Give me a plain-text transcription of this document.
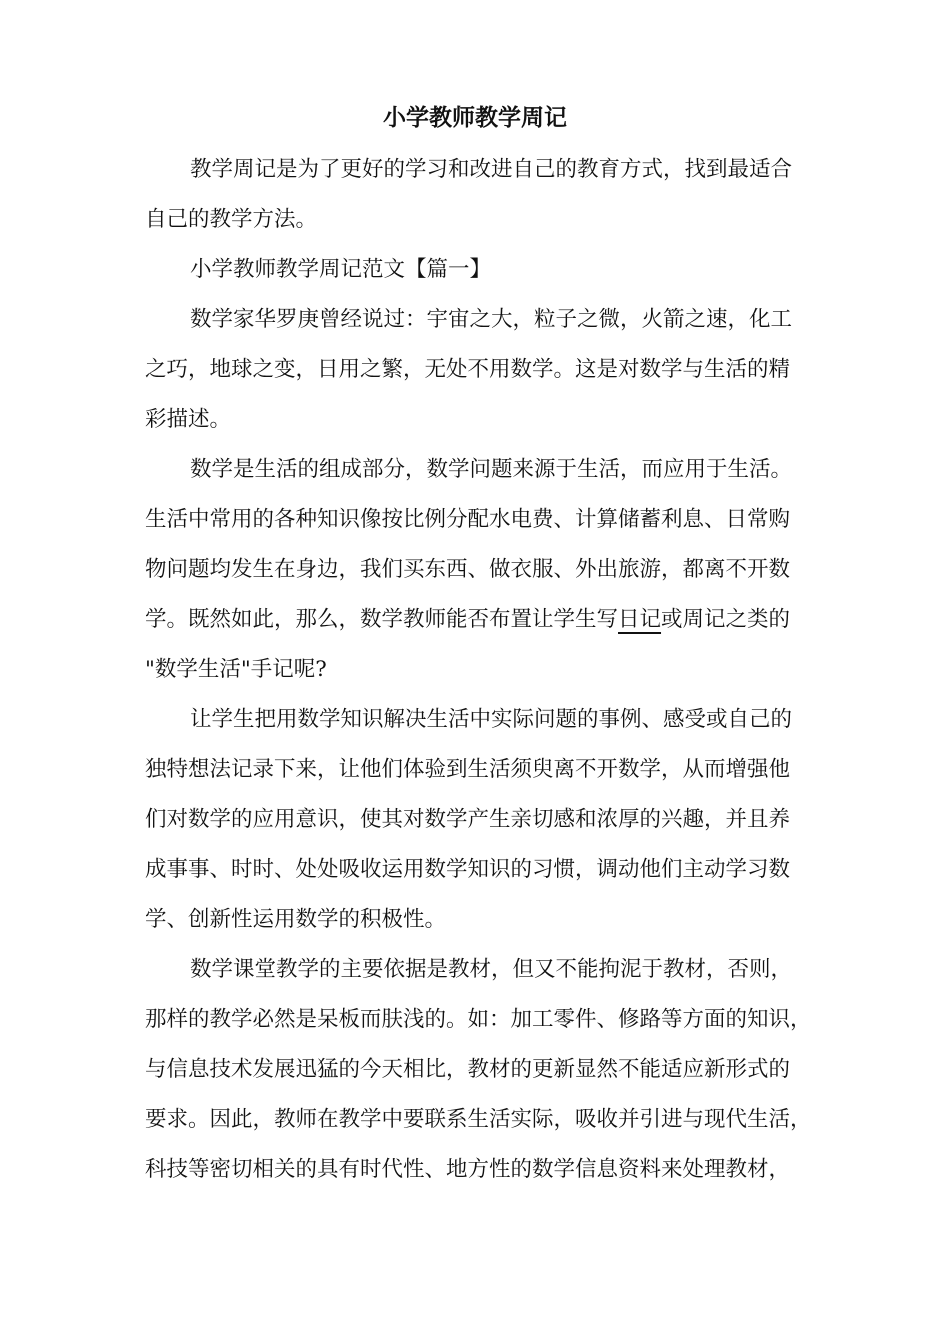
小学教师教学周记

教学周记是为了更好的学习和改进自己的教育方式，找到最适合

自己的教学方法。

小学教师教学周记范文【篇一】

数学家华罗庚曾经说过：宇宙之大，粒子之微，火箭之速，化工

之巧，地球之变，日用之繁，无处不用数学。这是对数学与生活的精

彩描述。

数学是生活的组成部分，数学问题来源于生活，而应用于生活。

生活中常用的各种知识像按比例分配水电费、计算储蓄利息、日常购

物问题均发生在身边，我们买东西、做衣服、外出旅游，都离不开数

学。既然如此，那么，数学教师能否布置让学生写日记或周记之类的

"数学生活"手记呢?

让学生把用数学知识解决生活中实际问题的事例、感受或自己的

独特想法记录下来，让他们体验到生活须臾离不开数学，从而增强他

们对数学的应用意识，使其对数学产生亲切感和浓厚的兴趣，并且养

成事事、时时、处处吸收运用数学知识的习惯，调动他们主动学习数

学、创新性运用数学的积极性。

数学课堂教学的主要依据是教材，但又不能拘泥于教材，否则，

那样的教学必然是呆板而肤浅的。如：加工零件、修路等方面的知识，

与信息技术发展迅猛的今天相比，教材的更新显然不能适应新形式的

要求。因此，教师在教学中要联系生活实际，吸收并引进与现代生活，

科技等密切相关的具有时代性、地方性的数学信息资料来处理教材，
